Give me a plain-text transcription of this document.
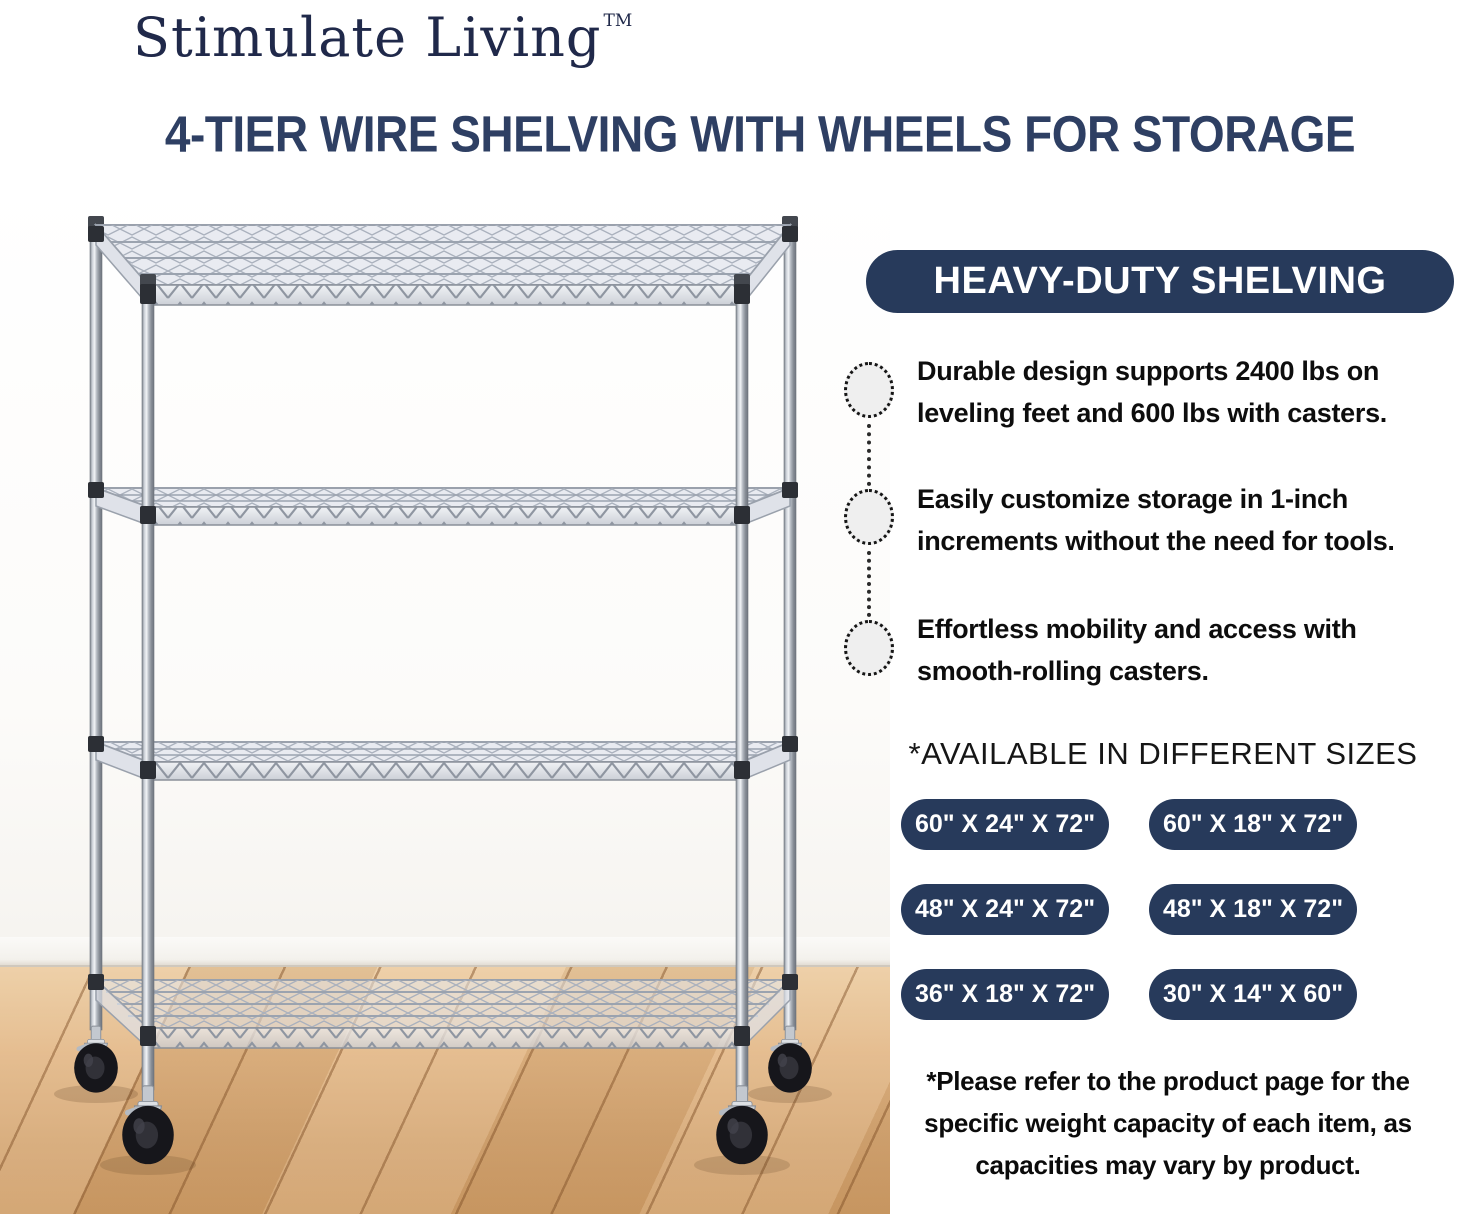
Stimulate Living ™
4-TIER WIRE SHELVING WITH WHEELS FOR STORAGE
HEAVY-DUTY SHELVING
Durable design supports 2400 lbs on
leveling feet and 600 lbs with casters.
Easily customize storage in 1-inch
increments without the need for tools.
Effortless mobility and access with
smooth-rolling casters.
*AVAILABLE IN DIFFERENT SIZES
60" X 24" X 72"	60" X 18" X 72"
48" X 24" X 72"	48" X 18" X 72"
36" X 18" X 72"	30" X 14" X 60"
*Please refer to the product page for the
specific weight capacity of each item, as
capacities may vary by product.
